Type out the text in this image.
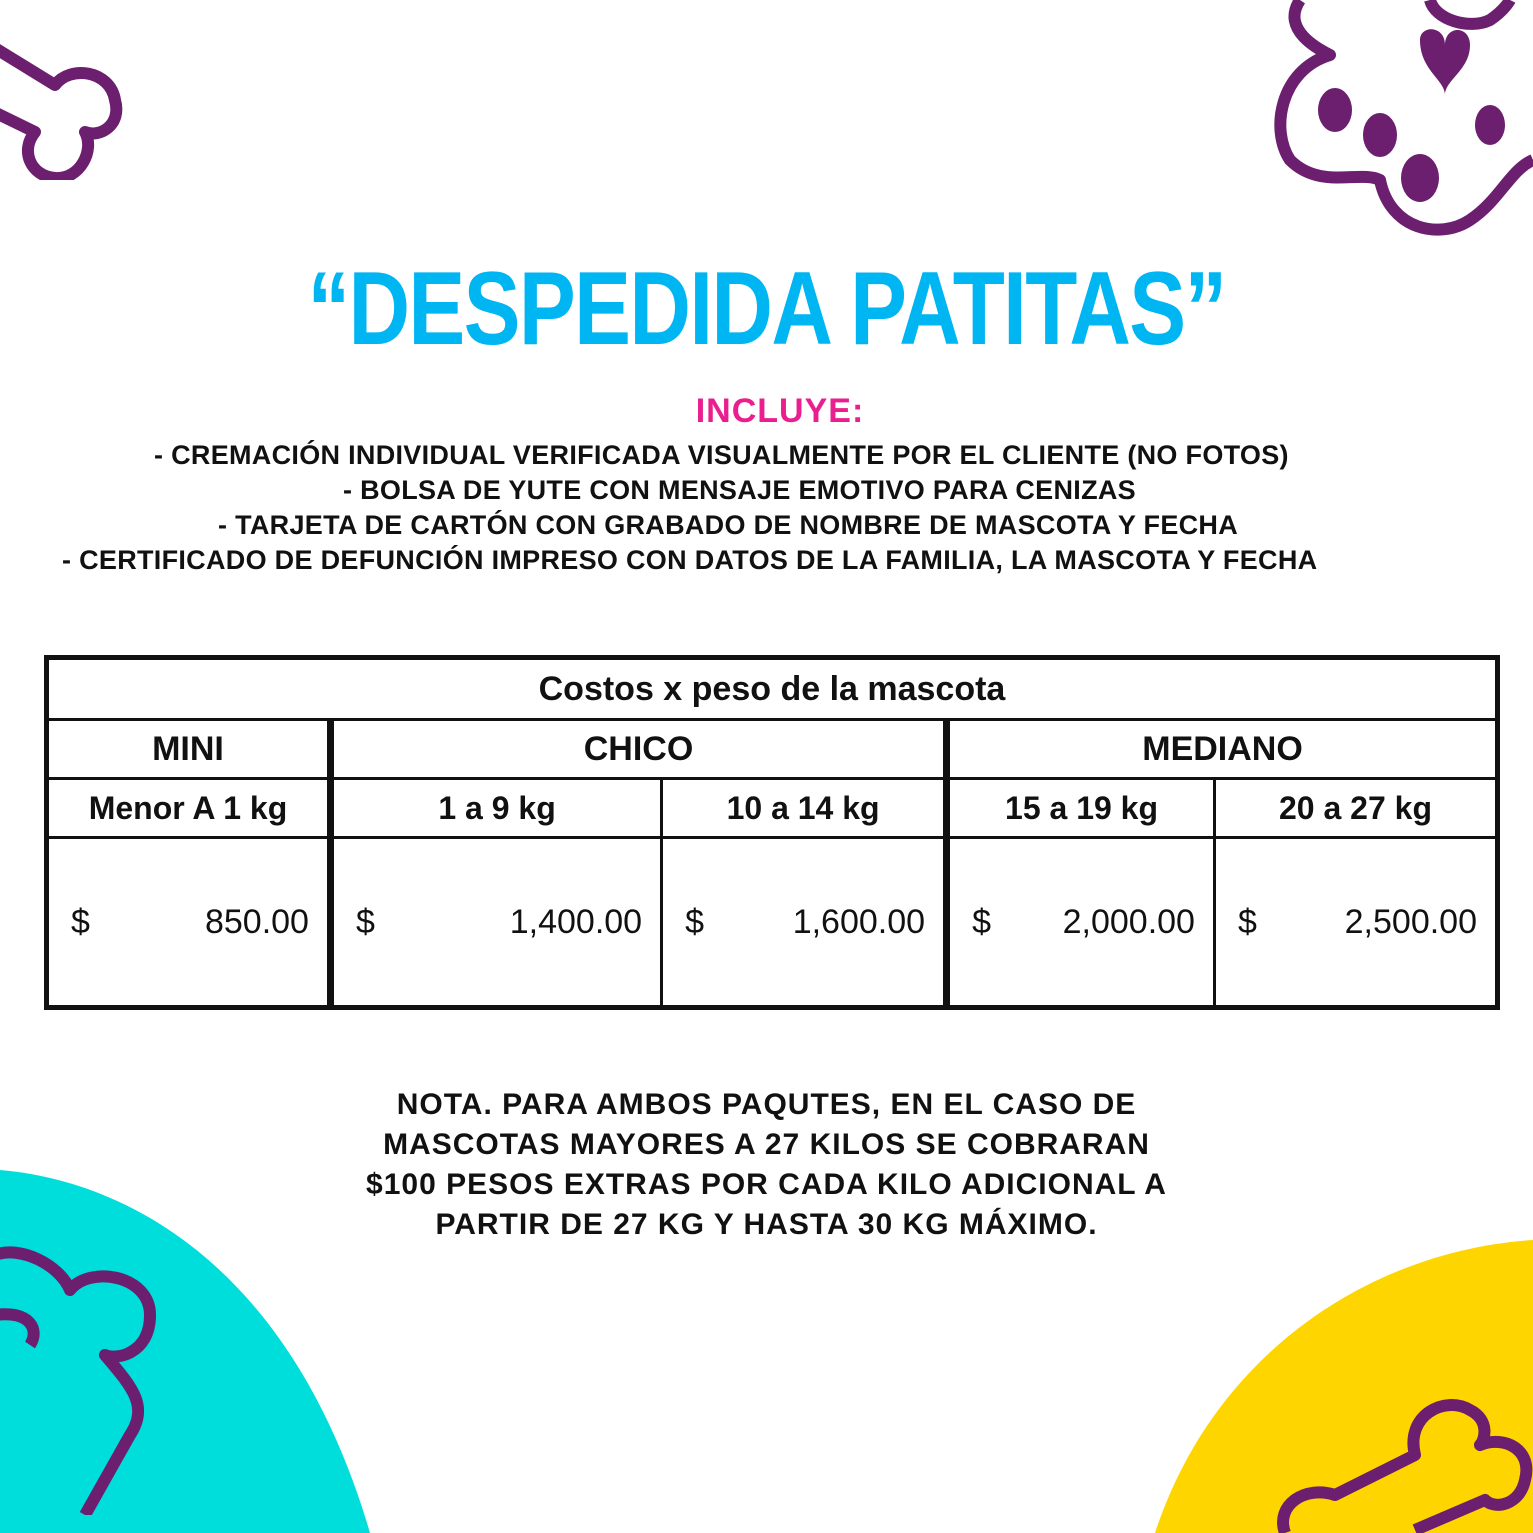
“DESPEDIDA PATITAS”
INCLUYE:
- CREMACIÓN INDIVIDUAL VERIFICADA VISUALMENTE POR EL CLIENTE (NO FOTOS)
- BOLSA DE YUTE CON MENSAJE EMOTIVO PARA CENIZAS
- TARJETA DE CARTÓN CON GRABADO DE NOMBRE DE MASCOTA Y FECHA
- CERTIFICADO DE DEFUNCIÓN IMPRESO CON DATOS DE LA FAMILIA, LA MASCOTA Y FECHA
Costos x peso de la mascota				
MINI	CHICO		MEDIANO	
Menor A 1 kg	1 a 9 kg	10 a 14 kg	15 a 19 kg	20 a 27 kg

$ 850.00	$ 1,400.00	$ 1,600.00	$ 2,000.00	$ 2,500.00
NOTA. PARA AMBOS PAQUTES, EN EL CASO DE
MASCOTAS MAYORES A 27 KILOS SE COBRARAN
$100 PESOS EXTRAS POR CADA KILO ADICIONAL A
PARTIR DE 27 KG Y HASTA 30 KG MÁXIMO.
